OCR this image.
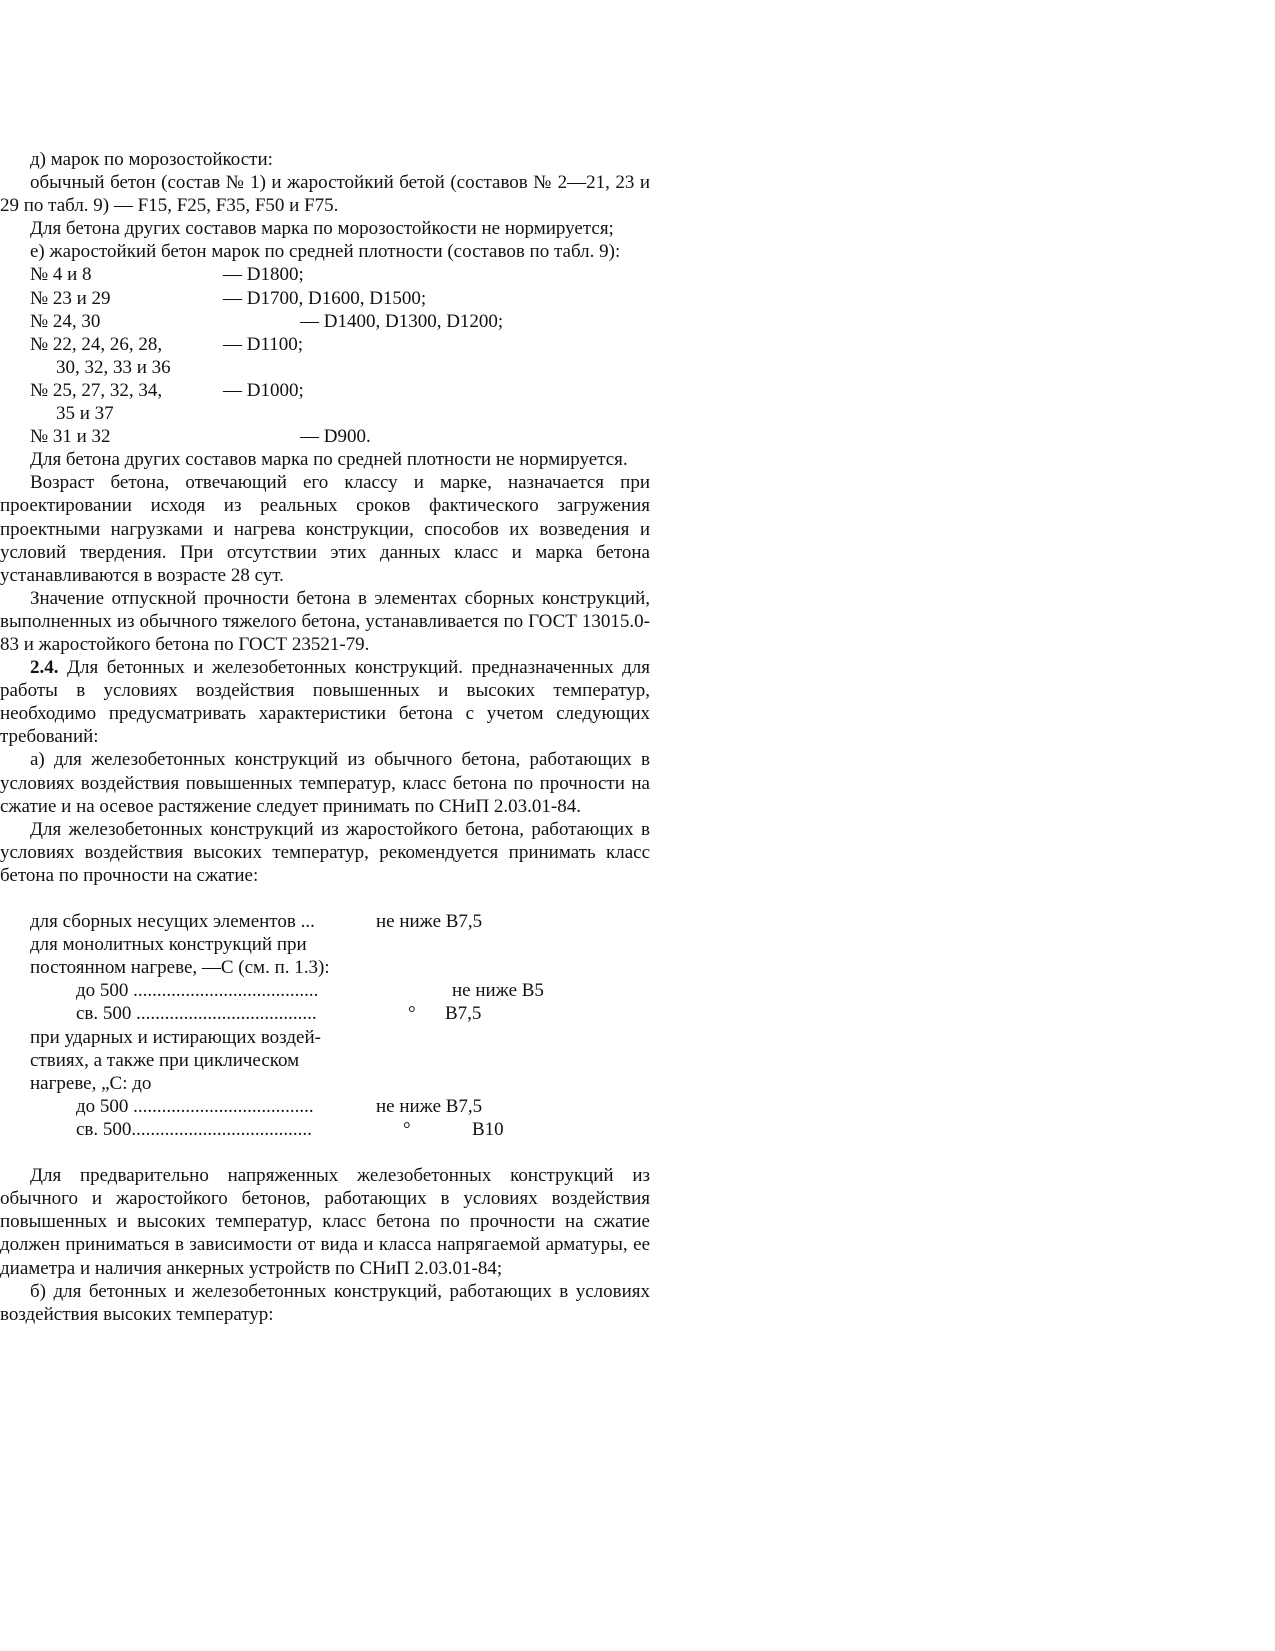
д) марок по морозостойкости:

обычный бетон (состав № 1) и жаростойкий бетой (составов № 2—21, 23 и 29 по табл. 9) — F15, F25, F35, F50 и F75.

Для бетона других составов марка по морозостойкости не нормируется;

е) жаростойкий бетон марок по средней плотности (составов по табл. 9):

№ 4 и 8	— D1800;
№ 23 и 29	— D1700, D1600, D1500;
№ 24, 30	— D1400, D1300, D1200;
№ 22, 24, 26, 28,	— D1100;
30, 32, 33 и 36
№ 25, 27, 32, 34,	— D1000;
35 и 37
№ 31 и 32	— D900.

Для бетона других составов марка по средней плотности не нормируется.

Возраст бетона, отвечающий его классу и марке, назначается при проектировании исходя из реальных сроков фактического загружения проектными нагрузками и нагрева конструкции, способов их возведения и условий твердения. При отсутствии этих данных класс и марка бетона устанавливаются в возрасте 28 сут.

Значение отпускной прочности бетона в элементах сборных конструкций, выполненных из обычного тяжелого бетона, устанавливается по ГОСТ 13015.0-83 и жаростойкого бетона по ГОСТ 23521-79.

2.4. Для бетонных и железобетонных конструкций. предназначенных для работы в условиях воздействия повышенных и высоких температур, необходимо предусматривать характеристики бетона с учетом следующих требований:

а) для железобетонных конструкций из обычного бетона, работающих в условиях воздействия повышенных температур, класс бетона по прочности на сжатие и на осевое растяжение следует принимать по СНиП 2.03.01-84.

Для железобетонных конструкций из жаростойкого бетона, работающих в условиях воздействия высоких температур, рекомендуется принимать класс бетона по прочности на сжатие:

для сборных несущих элементов ...	не ниже В7,5
для монолитных конструкций при
постоянном нагреве, —С (см. п. 1.3):
до 500 .......................................	не ниже В5
св. 500 ......................................	° В7,5
при ударных и истирающих воздей-
ствиях, а также при циклическом
нагреве, „С: до
до 500 ......................................	не ниже В7,5
св. 500......................................	°	В10

Для предварительно напряженных железобетонных конструкций из обычного и жаростойкого бетонов, работающих в условиях воздействия повышенных и высоких температур, класс бетона по прочности на сжатие должен приниматься в зависимости от вида и класса напрягаемой арматуры, ее диаметра и наличия анкерных устройств по СНиП 2.03.01-84;

б) для бетонных и железобетонных конструкций, работающих в условиях воздействия высоких температур:
